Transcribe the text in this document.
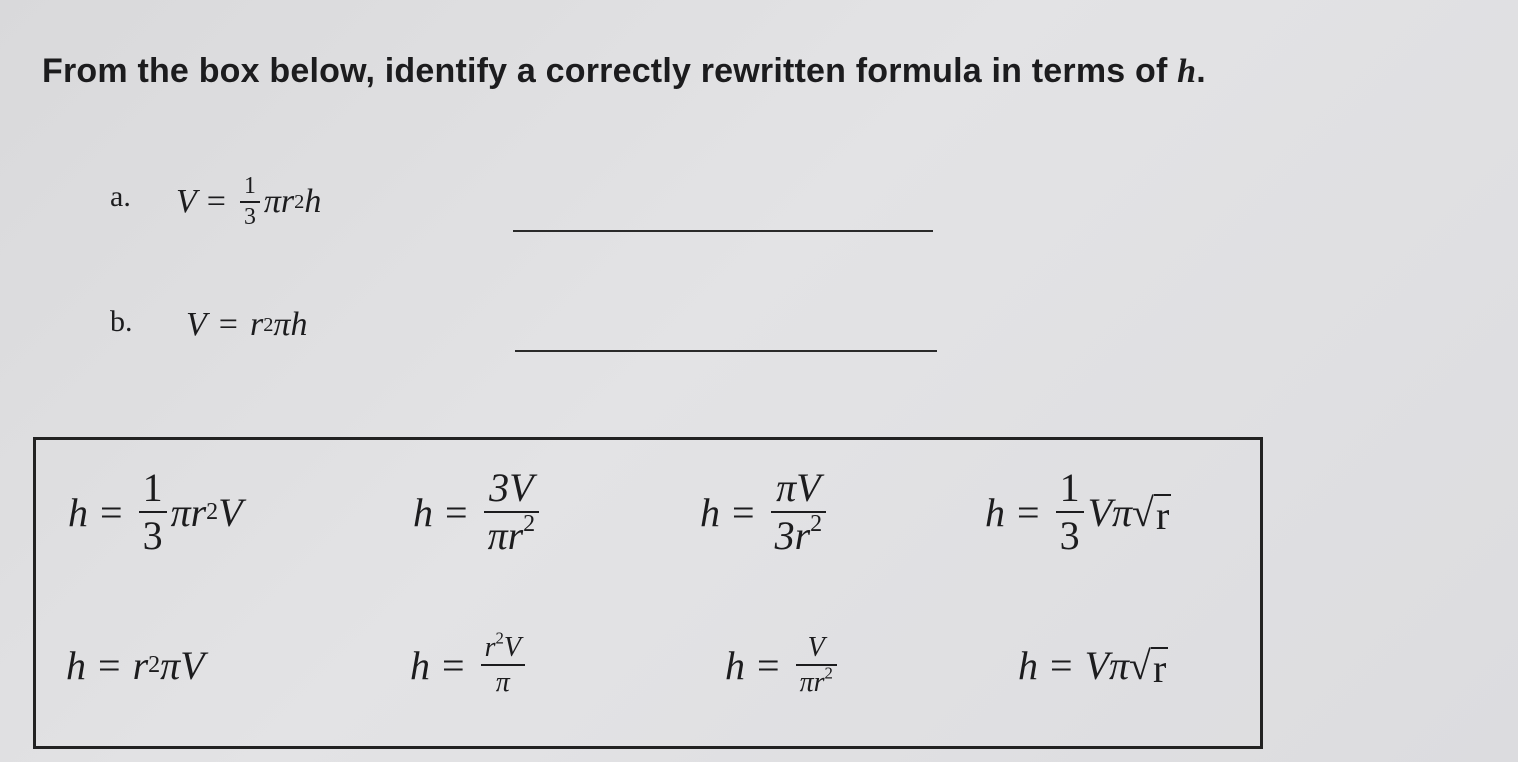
From the box below, identify a correctly rewritten formula in terms of h.
a. $V = \frac{1}{3}$ πr 2 h
b. V = r 2 πh
$h = \frac{1}{3}$ πr 2 V	$h = \frac{3V}{\pi r^2}$	$h = \frac{\pi V}{3r^2}$	$h = \frac{1}{3}$ Vπ √ r
h = r 2 πV	$h = \frac{r^2V}{\pi}$	$h = \frac{V}{\pi r^2}$	h = Vπ √ r
